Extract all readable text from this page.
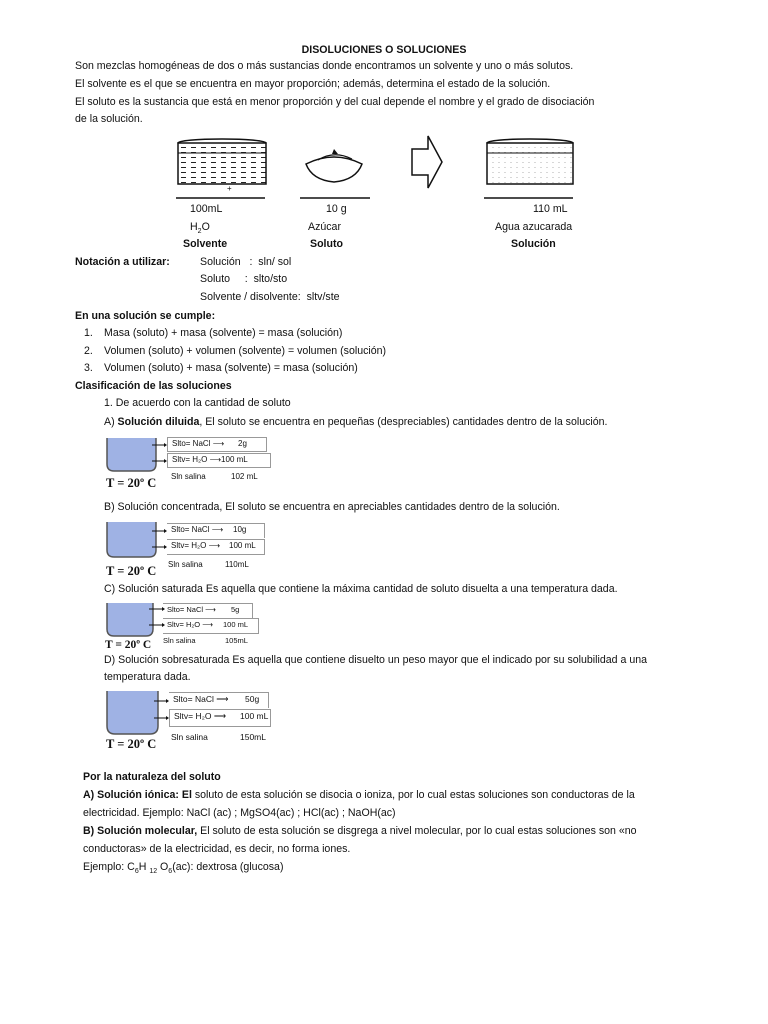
DISOLUCIONES O SOLUCIONES
Son mezclas homogéneas de dos o más sustancias donde encontramos un solvente y uno o más solutos.
El solvente es el que se encuentra en mayor proporción; además, determina el estado de la solución.
El soluto es la sustancia que está en menor proporción y del cual depende el nombre y el grado de disociación
de la solución.
+
100mL
$H_2O$
Solvente
10 g
Azúcar
Soluto
110 mL
Agua azucarada
Solución
Notación a utilizar:	Solución   :  sln/ sol
Soluto     :  slto/sto
Solvente / disolvente:  sltv/ste
En una solución se cumple:
1. Masa (soluto) + masa (solvente) = masa (solución)
2. Volumen (soluto) + volumen (solvente) = volumen (solución)
3. Volumen (soluto) + masa (solvente) = masa (solución)
Clasificación de las soluciones
1. De acuerdo con la cantidad de soluto
A) Solución diluida, El soluto se encuentra en pequeñas (despreciables) cantidades dentro de la solución.
Slto= NaCl ⟶ 2g
Sltv= H₂O ⟶100 mL
Sln salina	102 mL
T = 20º C
B) Solución concentrada, El soluto se encuentra en apreciables cantidades dentro de la solución.
Slto= NaCl ⟶ 10g
Sltv= H₂O ⟶ 100 mL
Sln salina	110mL
T = 20º C
C) Solución saturada Es aquella que contiene la máxima cantidad de soluto disuelta a una temperatura dada.
Slto= NaCl ⟶ 5g
Sltv= H₂O ⟶ 100 mL
Sln salina	105mL
T = 20º C
D) Solución sobresaturada Es aquella que contiene disuelto un peso mayor que el indicado por su solubilidad a una
temperatura dada.
Slto= NaCl ⟶ 50g
Sltv= H₂O ⟶ 100 mL
Sln salina	150mL
T = 20º C
Por la naturaleza del soluto
A) Solución iónica: El soluto de esta solución se disocia o ioniza, por lo cual estas soluciones son conductoras de la
electricidad. Ejemplo: NaCl (ac) ; MgSO4(ac) ; HCl(ac) ; NaOH(ac)
B) Solución molecular, El soluto de esta solución se disgrega a nivel molecular, por lo cual estas soluciones son «no
conductoras» de la electricidad, es decir, no forma iones.
Ejemplo: $C_6H$ $_{12}$ $O_6(ac)$: dextrosa (glucosa)
